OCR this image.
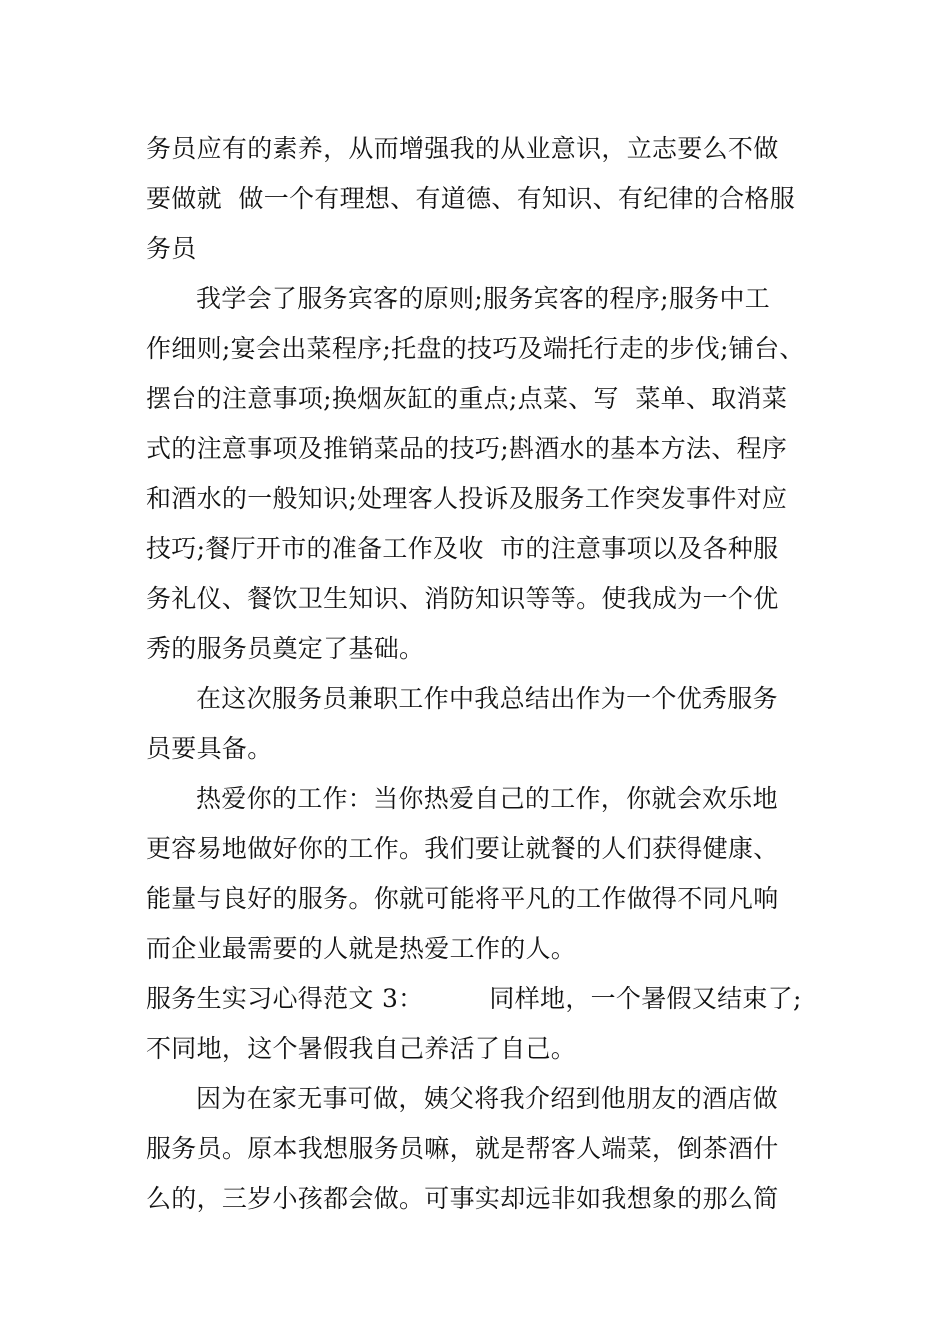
务员应有的素养，从而增强我的从业意识，立志要么不做
要做就  做一个有理想、有道德、有知识、有纪律的合格服
务员
我学会了服务宾客的原则;服务宾客的程序;服务中工
作细则;宴会出菜程序;托盘的技巧及端托行走的步伐;铺台、
摆台的注意事项;换烟灰缸的重点;点菜、写  菜单、取消菜
式的注意事项及推销菜品的技巧;斟酒水的基本方法、程序
和酒水的一般知识;处理客人投诉及服务工作突发事件对应
技巧;餐厅开市的准备工作及收  市的注意事项以及各种服
务礼仪、餐饮卫生知识、消防知识等等。使我成为一个优
秀的服务员奠定了基础。
在这次服务员兼职工作中我总结出作为一个优秀服务
员要具备。
热爱你的工作：当你热爱自己的工作，你就会欢乐地
更容易地做好你的工作。我们要让就餐的人们获得健康、
能量与良好的服务。你就可能将平凡的工作做得不同凡响
而企业最需要的人就是热爱工作的人。
服务生实习心得范文 3：        同样地，一个暑假又结束了;
不同地，这个暑假我自己养活了自己。
因为在家无事可做，姨父将我介绍到他朋友的酒店做
服务员。原本我想服务员嘛，就是帮客人端菜，倒茶酒什
么的，三岁小孩都会做。可事实却远非如我想象的那么简
